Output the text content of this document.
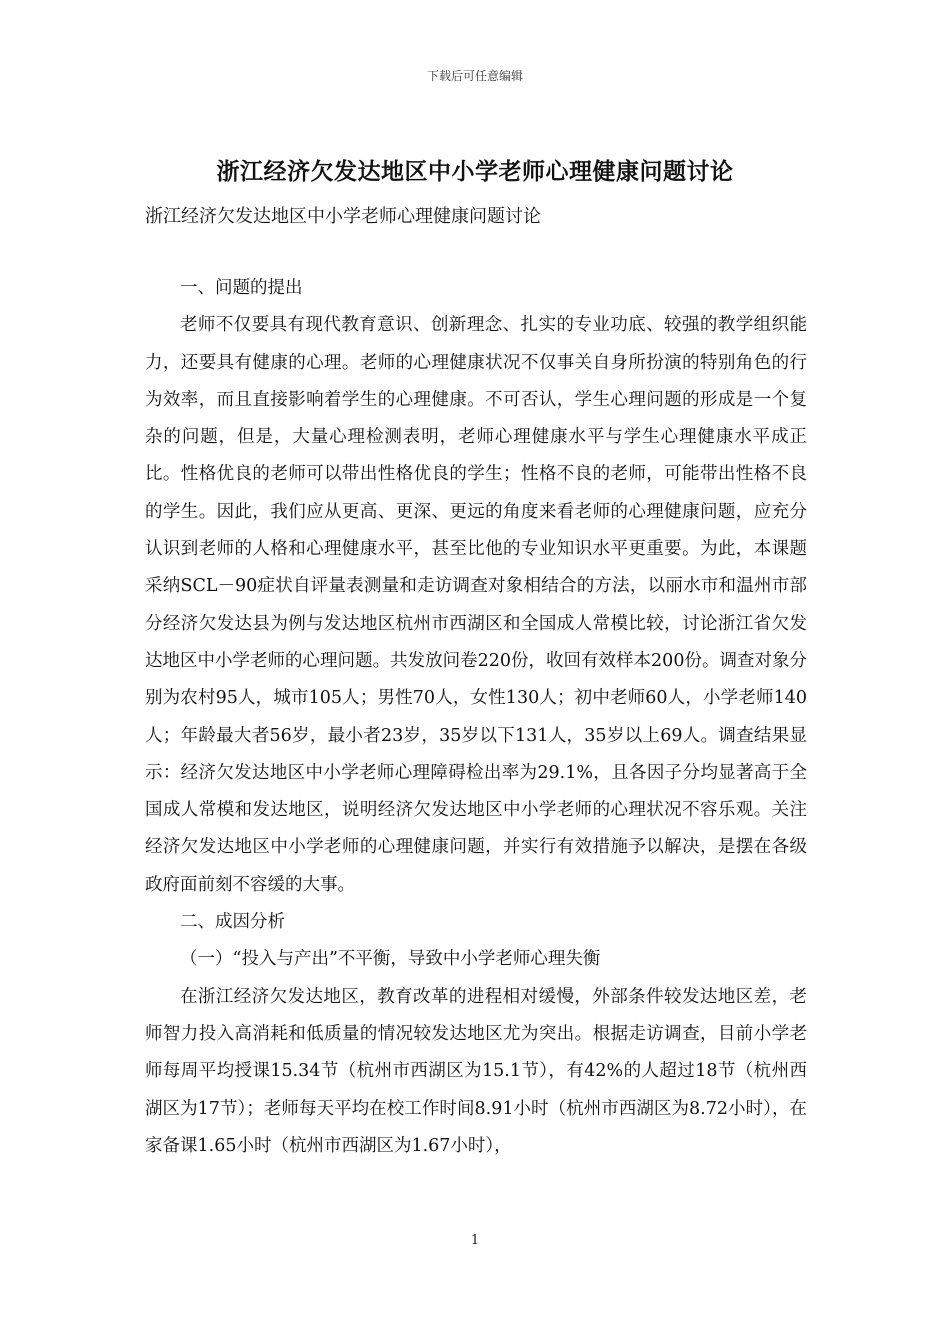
下载后可任意编辑
浙江经济欠发达地区中小学老师心理健康问题讨论
浙江经济欠发达地区中小学老师心理健康问题讨论

一、问题的提出

老师不仅要具有现代教育意识、创新理念、扎实的专业功底、较强的教学组织能力，还要具有健康的心理。老师的心理健康状况不仅事关自身所扮演的特别角色的行为效率，而且直接影响着学生的心理健康。不可否认，学生心理问题的形成是一个复杂的问题，但是，大量心理检测表明，老师心理健康水平与学生心理健康水平成正比。性格优良的老师可以带出性格优良的学生；性格不良的老师，可能带出性格不良的学生。因此，我们应从更高、更深、更远的角度来看老师的心理健康问题，应充分认识到老师的人格和心理健康水平，甚至比他的专业知识水平更重要。为此，本课题采纳SCL－90症状自评量表测量和走访调查对象相结合的方法，以丽水市和温州市部分经济欠发达县为例与发达地区杭州市西湖区和全国成人常模比较，讨论浙江省欠发达地区中小学老师的心理问题。共发放问卷220份，收回有效样本200份。调查对象分别为农村95人，城市105人；男性70人，女性130人；初中老师60人，小学老师140人；年龄最大者56岁，最小者23岁，35岁以下131人，35岁以上69人。调查结果显示：经济欠发达地区中小学老师心理障碍检出率为29.1%，且各因子分均显著高于全国成人常模和发达地区，说明经济欠发达地区中小学老师的心理状况不容乐观。关注经济欠发达地区中小学老师的心理健康问题，并实行有效措施予以解决，是摆在各级政府面前刻不容缓的大事。

二、成因分析

（一）“投入与产出”不平衡，导致中小学老师心理失衡

在浙江经济欠发达地区，教育改革的进程相对缓慢，外部条件较发达地区差，老师智力投入高消耗和低质量的情况较发达地区尤为突出。根据走访调查，目前小学老师每周平均授课15.34节（杭州市西湖区为15.1节），有42%的人超过18节（杭州西湖区为17节）；老师每天平均在校工作时间8.91小时（杭州市西湖区为8.72小时），在家备课1.65小时（杭州市西湖区为1.67小时），

1
